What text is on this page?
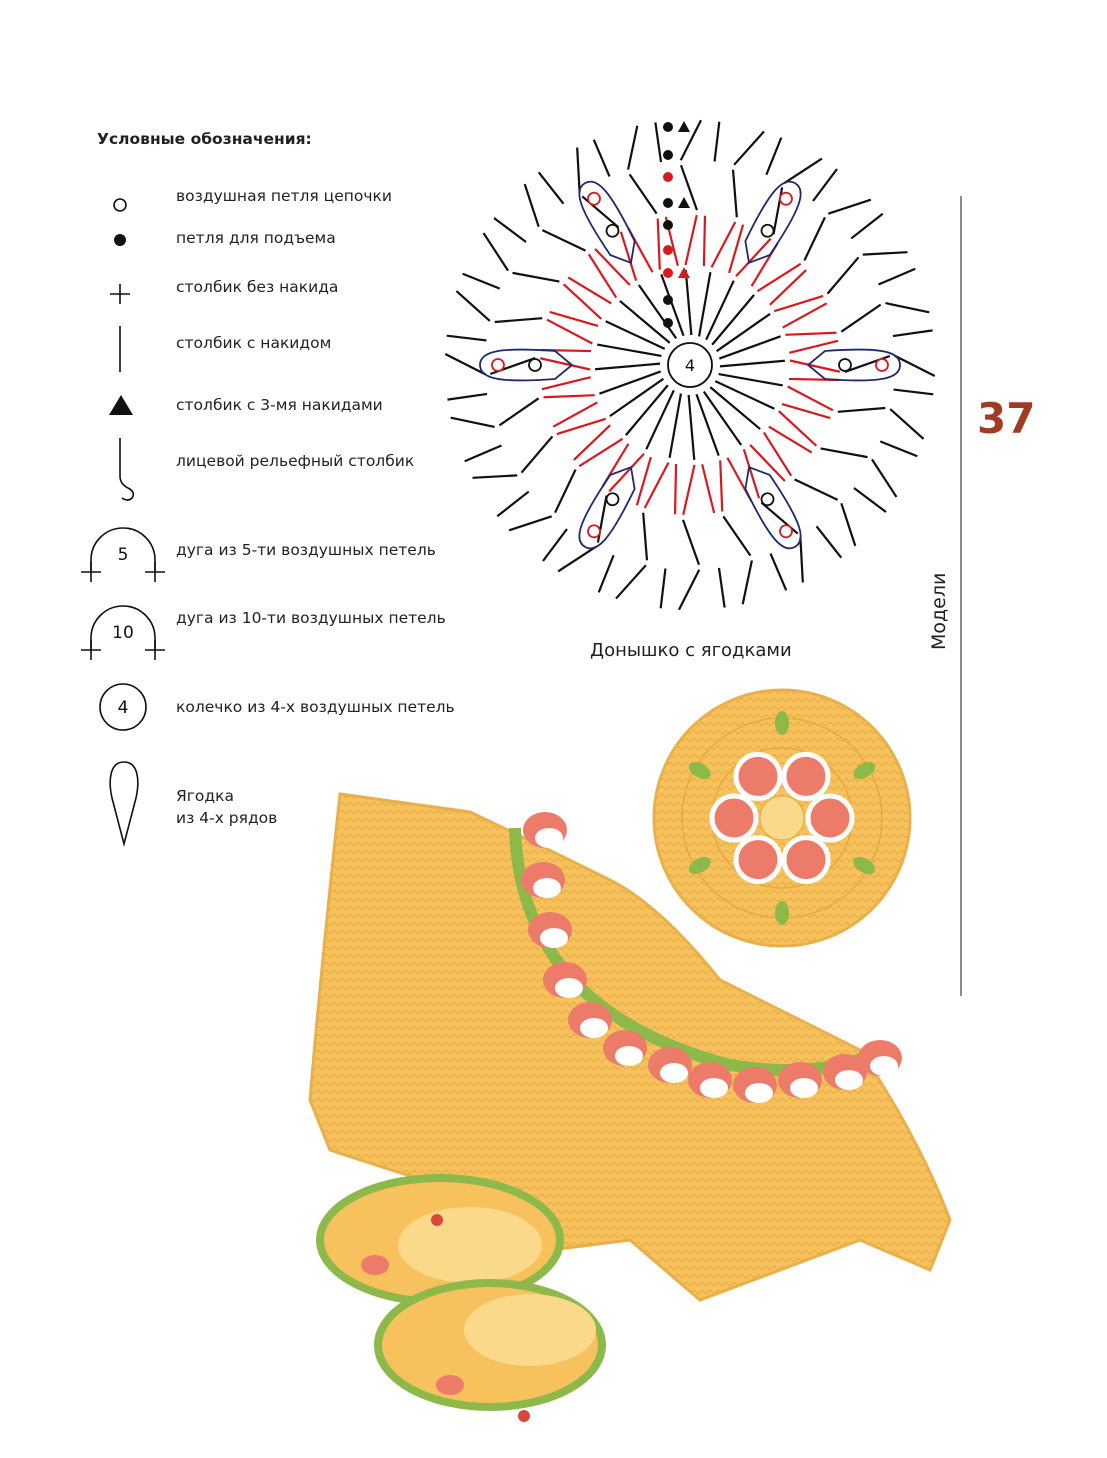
Условные обозначения:
воздушная петля цепочки
петля для подъема
столбик без накида
столбик с накидом
столбик с 3-мя накидами
лицевой рельефный столбик
5	дуга из 5-ти воздушных петель
10
дуга из 10-ти воздушных петель
4	колечко из 4-х воздушных петель
Ягодка
из 4-х рядов
4
Донышко с ягодками
37
Модели
